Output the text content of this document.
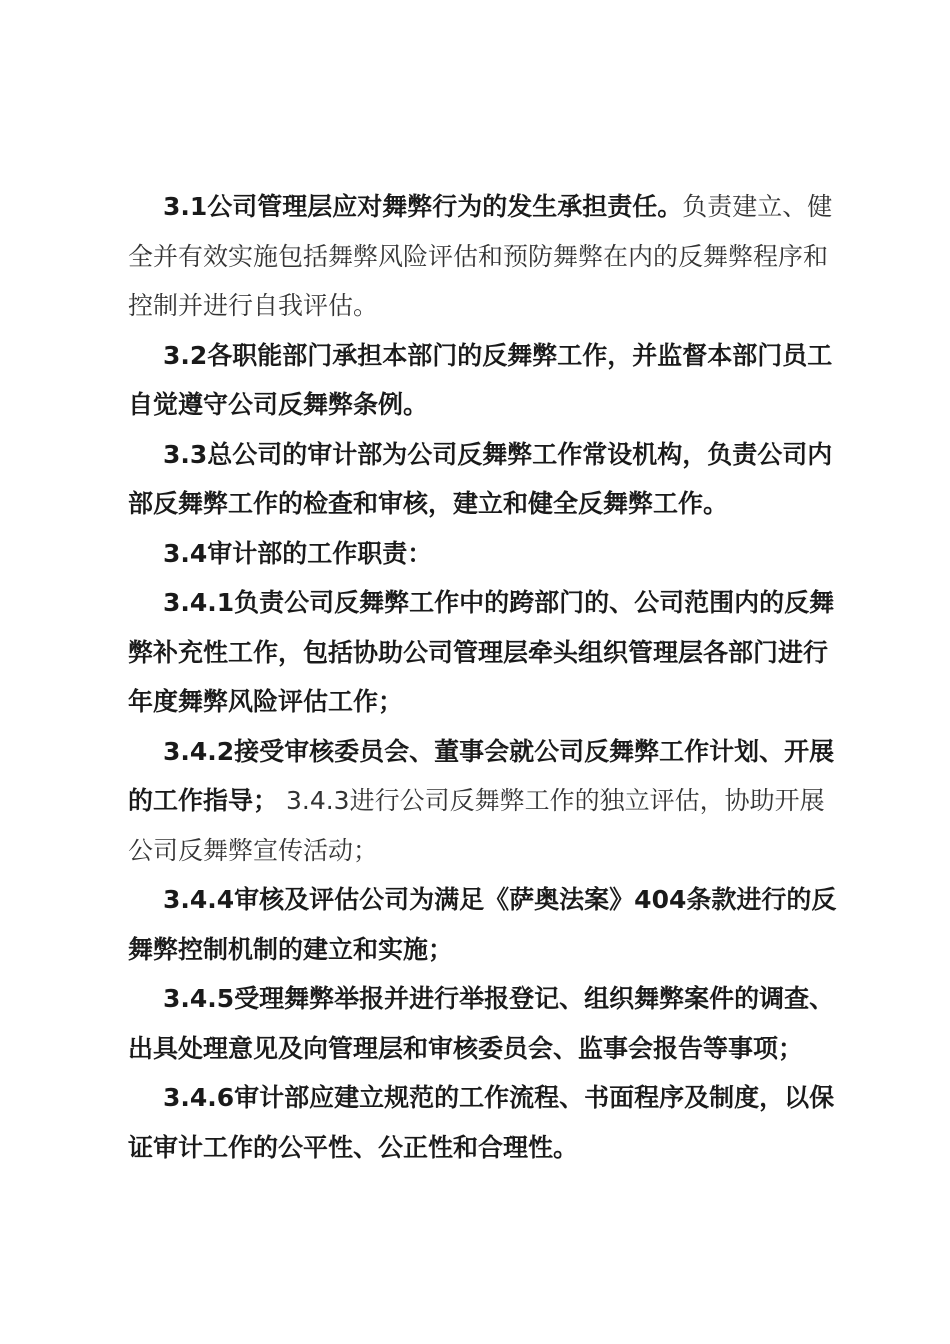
3.1公司管理层应对舞弊行为的发生承担责任。负责建立、健全并有效实施包括舞弊风险评估和预防舞弊在内的反舞弊程序和控制并进行自我评估。

3.2各职能部门承担本部门的反舞弊工作，并监督本部门员工自觉遵守公司反舞弊条例。

3.3总公司的审计部为公司反舞弊工作常设机构，负责公司内部反舞弊工作的检查和审核，建立和健全反舞弊工作。

3.4审计部的工作职责：

3.4.1负责公司反舞弊工作中的跨部门的、公司范围内的反舞弊补充性工作，包括协助公司管理层牵头组织管理层各部门进行年度舞弊风险评估工作；

3.4.2接受审核委员会、董事会就公司反舞弊工作计划、开展的工作指导； 3.4.3进行公司反舞弊工作的独立评估，协助开展公司反舞弊宣传活动；

3.4.4审核及评估公司为满足《萨奥法案》404条款进行的反舞弊控制机制的建立和实施；

3.4.5受理舞弊举报并进行举报登记、组织舞弊案件的调查、出具处理意见及向管理层和审核委员会、监事会报告等事项；

3.4.6审计部应建立规范的工作流程、书面程序及制度，以保证审计工作的公平性、公正性和合理性。
